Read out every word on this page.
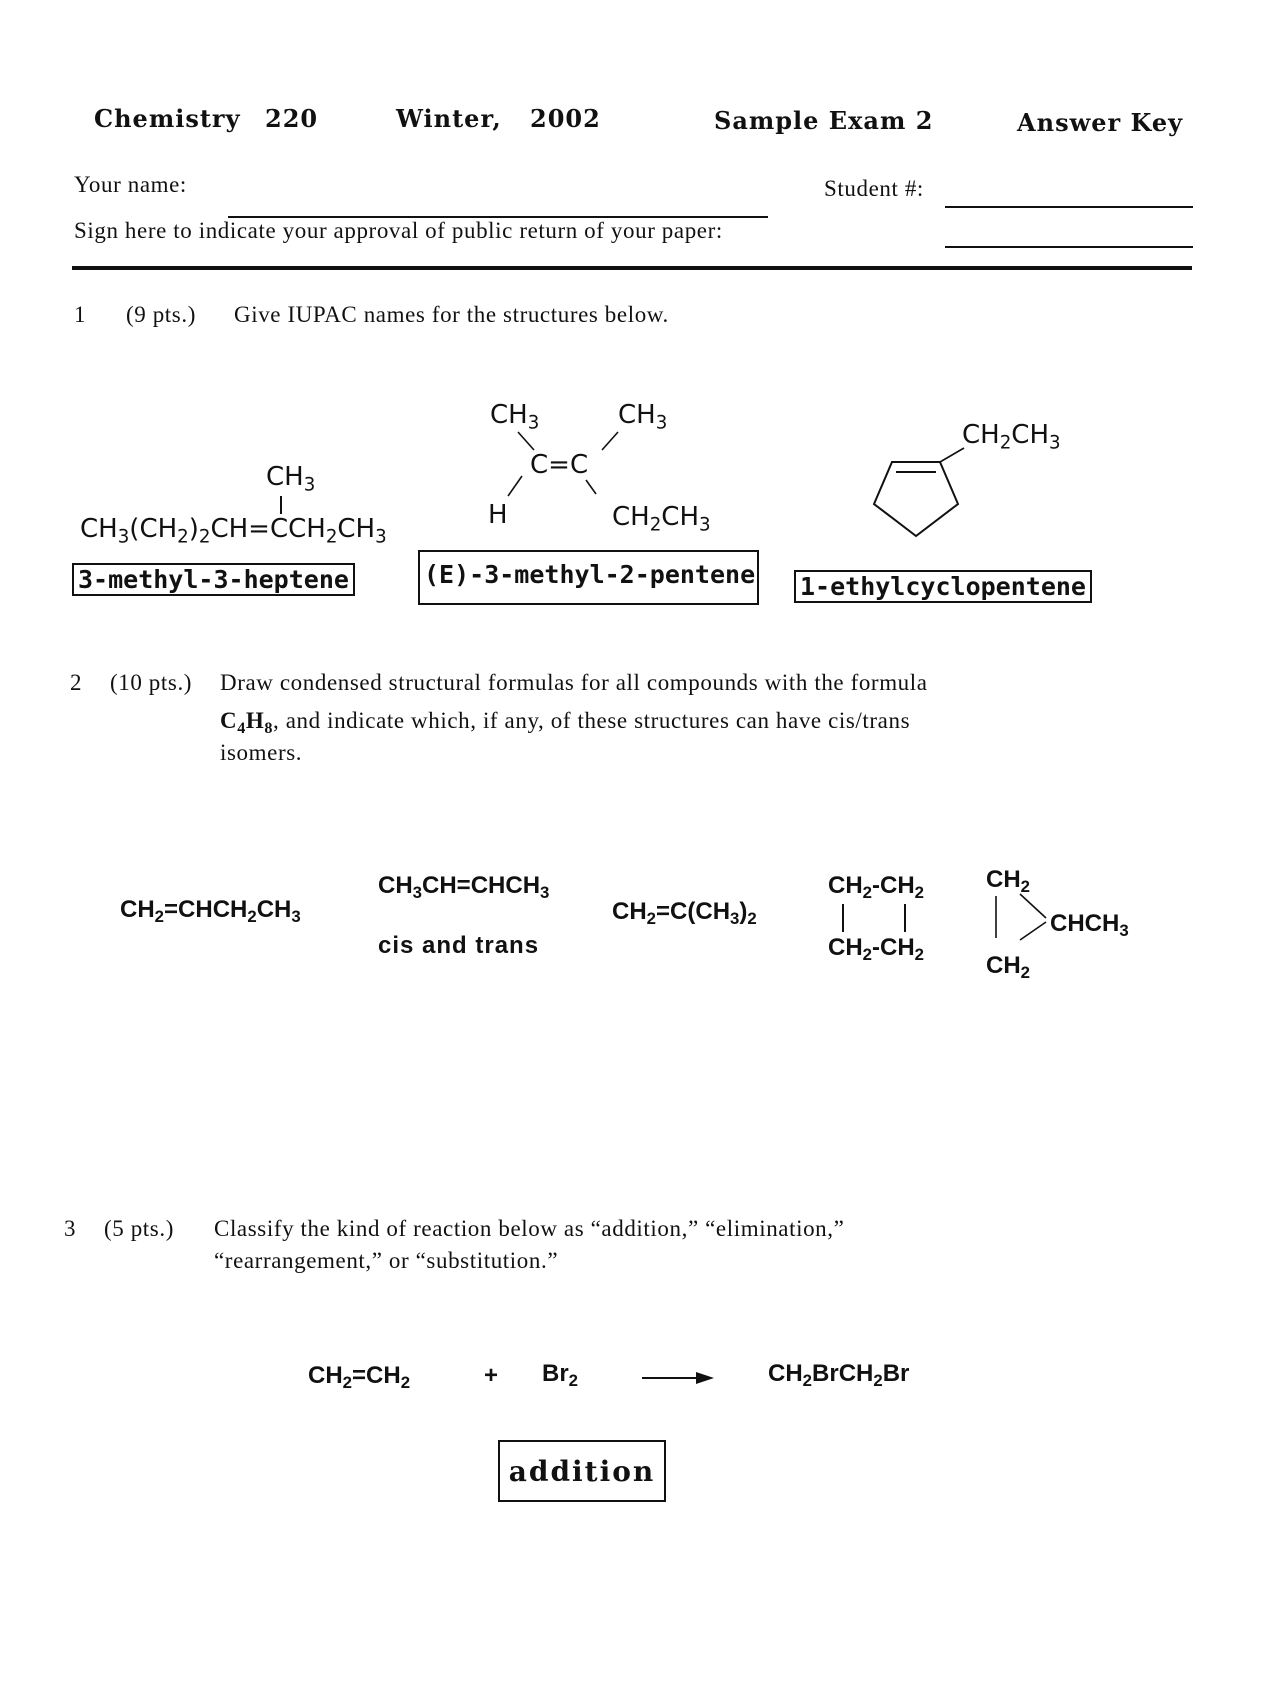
Chemistry 220	Winter, 2002	Sample Exam 2	Answer Key
Your name:	Student #:
Sign here to indicate your approval of public return of your paper:
1 (9 pts.) Give IUPAC names for the structures below.
$CH_3$
$CH_3(CH_2)_2CH=CCH_2CH_3$
3-methyl-3-heptene
$CH_3$	$CH_3$
C=C
H	$CH_2CH_3$
(E)-3-methyl-2-pentene
$CH_2CH_3$
1-ethylcyclopentene
2 (10 pts.) Draw condensed structural formulas for all compounds with the formula
$C_4H_8$, and indicate which, if any, of these structures can have cis/trans
isomers.
$CH_2=CHCH_2CH_3$
$CH_3CH=CHCH_3$
cis and trans
$CH_2=C(CH_3)_2$
$CH_2-CH_2$
$CH_2-CH_2$
$CH_2$
$CHCH_3$
$CH_2$
3 (5 pts.) Classify the kind of reaction below as “addition,” “elimination,”
“rearrangement,” or “substitution.”
$CH_2=CH_2$	+ $Br_2$	$CH_2BrCH_2Br$
addition
